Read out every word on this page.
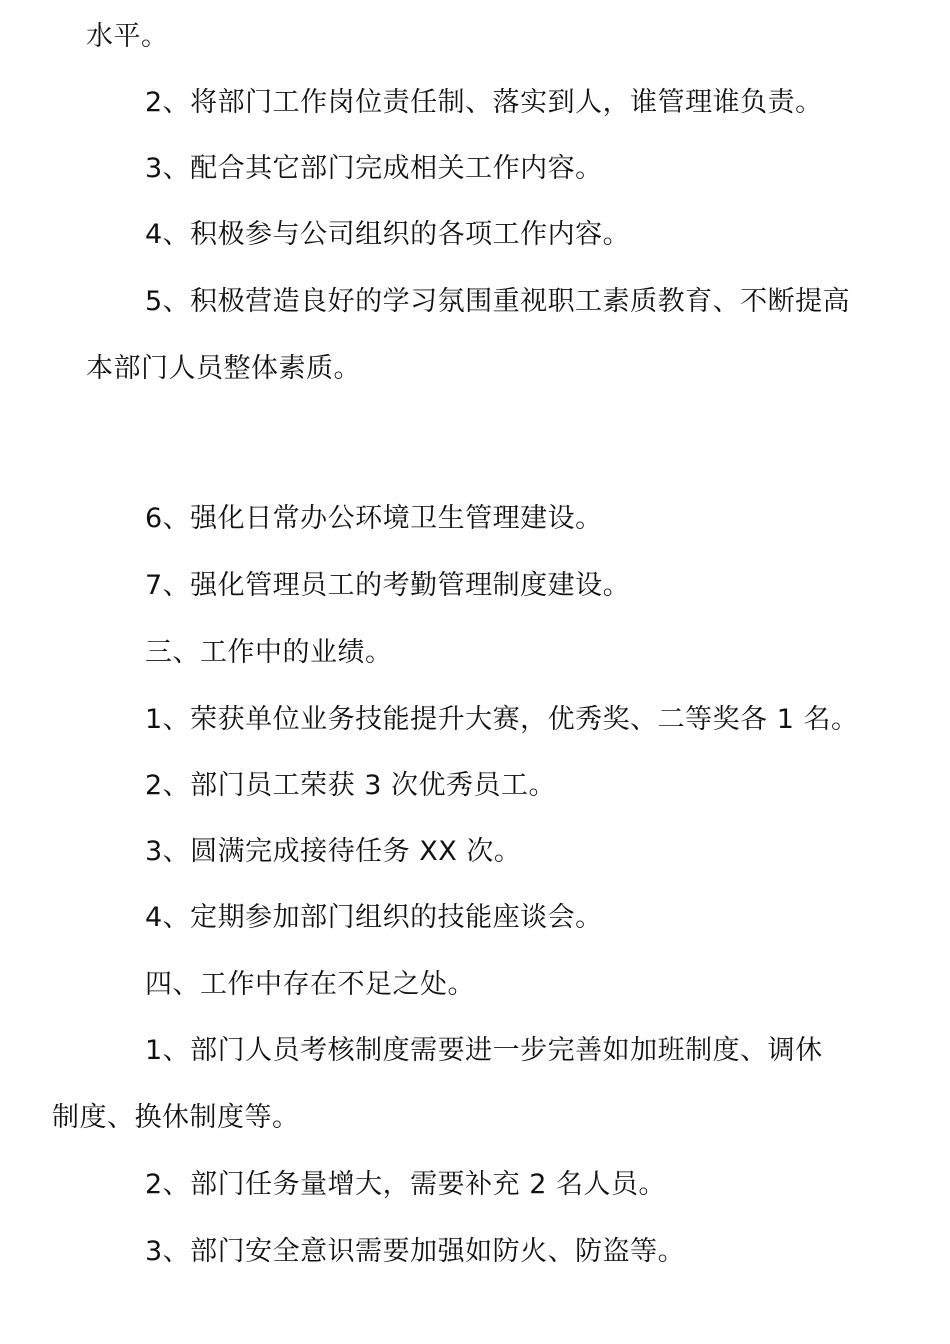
水平。
2、将部门工作岗位责任制、落实到人，谁管理谁负责。
3、配合其它部门完成相关工作内容。
4、积极参与公司组织的各项工作内容。
5、积极营造良好的学习氛围重视职工素质教育、不断提高
本部门人员整体素质。
6、强化日常办公环境卫生管理建设。
7、强化管理员工的考勤管理制度建设。
三、工作中的业绩。
1、荣获单位业务技能提升大赛，优秀奖、二等奖各 1 名。
2、部门员工荣获 3 次优秀员工。
3、圆满完成接待任务 XX 次。
4、定期参加部门组织的技能座谈会。
四、工作中存在不足之处。
1、部门人员考核制度需要进一步完善如加班制度、调休
制度、换休制度等。
2、部门任务量增大，需要补充 2 名人员。
3、部门安全意识需要加强如防火、防盗等。
